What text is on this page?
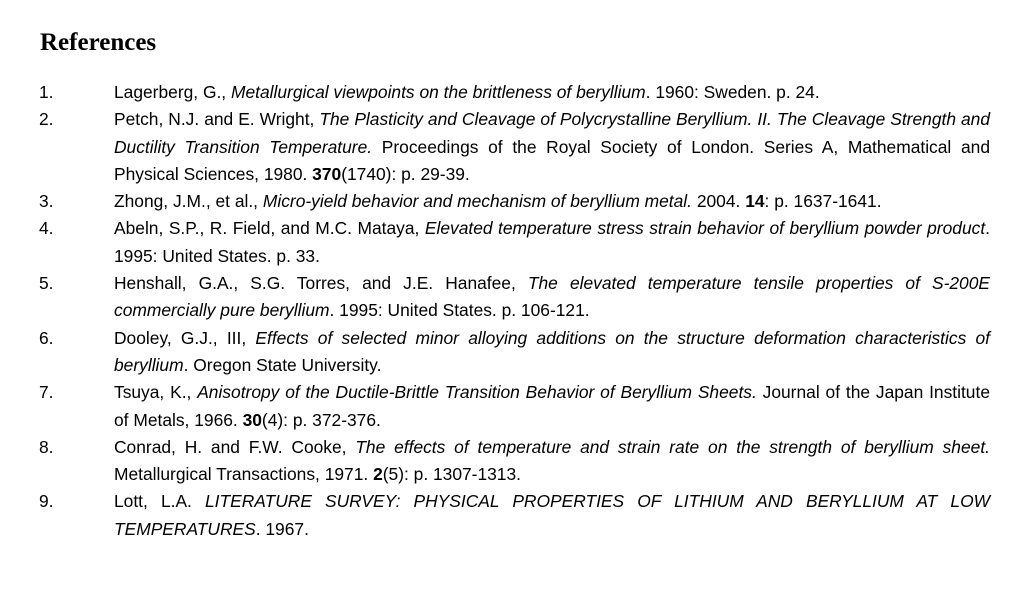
References
1.	Lagerberg, G., Metallurgical viewpoints on the brittleness of beryllium. 1960: Sweden. p. 24.
2.	Petch, N.J. and E. Wright, The Plasticity and Cleavage of Polycrystalline Beryllium. II. The Cleavage Strength and Ductility Transition Temperature. Proceedings of the Royal Society of London. Series A, Mathematical and Physical Sciences, 1980. 370(1740): p. 29-39.
3.	Zhong, J.M., et al., Micro-yield behavior and mechanism of beryllium metal. 2004. 14: p. 1637-1641.
4.	Abeln, S.P., R. Field, and M.C. Mataya, Elevated temperature stress strain behavior of beryllium powder product. 1995: United States. p. 33.
5.	Henshall, G.A., S.G. Torres, and J.E. Hanafee, The elevated temperature tensile properties of S-200E commercially pure beryllium. 1995: United States. p. 106-121.
6.	Dooley, G.J., III, Effects of selected minor alloying additions on the structure deformation characteristics of beryllium. Oregon State University.
7.	Tsuya, K., Anisotropy of the Ductile-Brittle Transition Behavior of Beryllium Sheets. Journal of the Japan Institute of Metals, 1966. 30(4): p. 372-376.
8.	Conrad, H. and F.W. Cooke, The effects of temperature and strain rate on the strength of beryllium sheet. Metallurgical Transactions, 1971. 2(5): p. 1307-1313.
9.	Lott, L.A. LITERATURE SURVEY: PHYSICAL PROPERTIES OF LITHIUM AND BERYLLIUM AT LOW TEMPERATURES. 1967.
